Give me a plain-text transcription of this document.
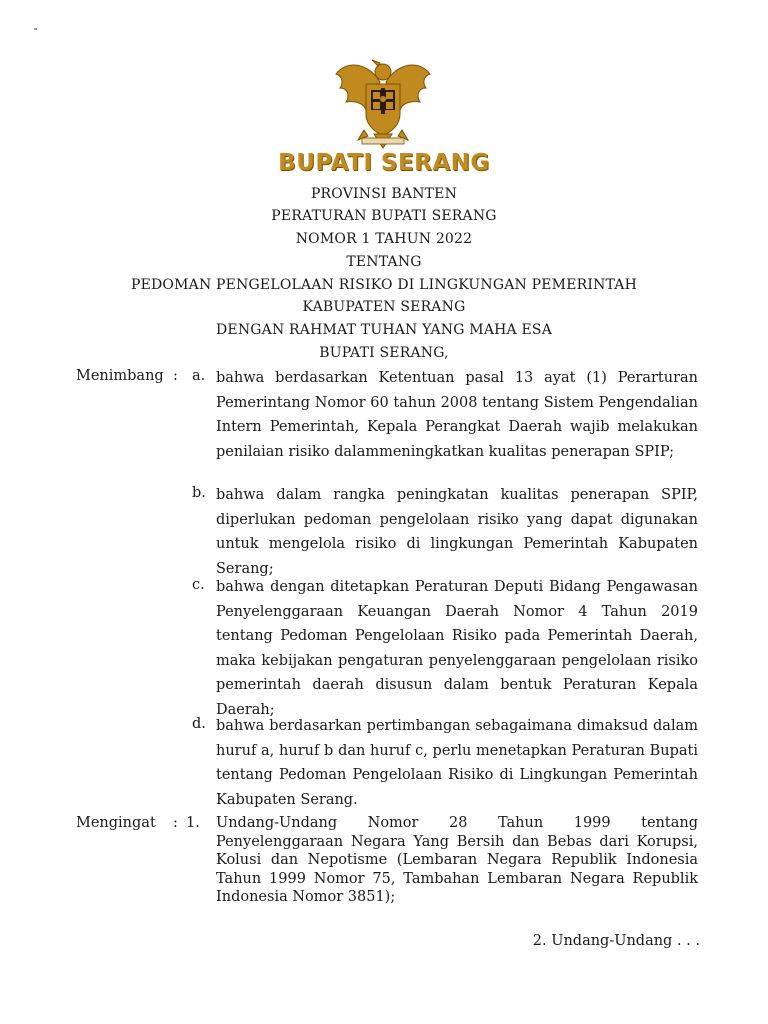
BUPATI SERANG
PROVINSI BANTEN
PERATURAN BUPATI SERANG
NOMOR 1 TAHUN 2022
TENTANG
PEDOMAN PENGELOLAAN RISIKO DI LINGKUNGAN PEMERINTAH
KABUPATEN SERANG
DENGAN RAHMAT TUHAN YANG MAHA ESA
BUPATI SERANG,
Menimbang : a. bahwa berdasarkan Ketentuan pasal 13 ayat (1) Perarturan Pemerintang Nomor 60 tahun 2008 tentang Sistem Pengendalian Intern Pemerintah, Kepala Perangkat Daerah wajib melakukan penilaian risiko dalammeningkatkan kualitas penerapan SPIP;
b. bahwa dalam rangka peningkatan kualitas penerapan SPIP, diperlukan pedoman pengelolaan risiko yang dapat digunakan untuk mengelola risiko di lingkungan Pemerintah Kabupaten Serang;
c. bahwa dengan ditetapkan Peraturan Deputi Bidang Pengawasan Penyelenggaraan Keuangan Daerah Nomor 4 Tahun 2019 tentang Pedoman Pengelolaan Risiko pada Pemerintah Daerah, maka kebijakan pengaturan penyelenggaraan pengelolaan risiko pemerintah daerah disusun dalam bentuk Peraturan Kepala Daerah;
d. bahwa berdasarkan pertimbangan sebagaimana dimaksud dalam huruf a, huruf b dan huruf c, perlu menetapkan Peraturan Bupati tentang Pedoman Pengelolaan Risiko di Lingkungan Pemerintah Kabupaten Serang.
Mengingat : 1. Undang-Undang Nomor 28 Tahun 1999 tentang Penyelenggaraan Negara Yang Bersih dan Bebas dari Korupsi, Kolusi dan Nepotisme (Lembaran Negara Republik Indonesia Tahun 1999 Nomor 75, Tambahan Lembaran Negara Republik Indonesia Nomor 3851);
2. Undang-Undang . . .
